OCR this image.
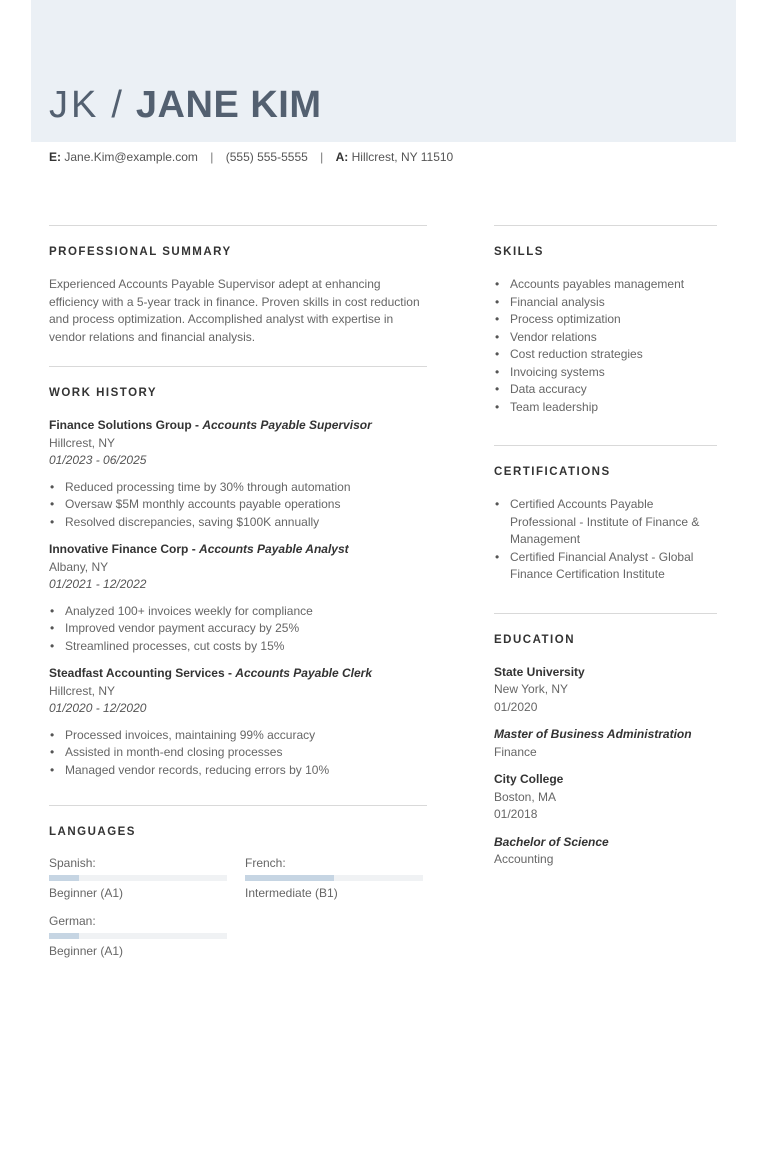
JK / JANE KIM
E: Jane.Kim@example.com | (555) 555-5555 | A: Hillcrest, NY 11510
PROFESSIONAL SUMMARY

Experienced Accounts Payable Supervisor adept at enhancing efficiency with a 5-year track in finance. Proven skills in cost reduction and process optimization. Accomplished analyst with expertise in vendor relations and financial analysis.

WORK HISTORY
Finance Solutions Group - Accounts Payable Supervisor
Hillcrest, NY
01/2023 - 06/2025
• Reduced processing time by 30% through automation
• Oversaw $5M monthly accounts payable operations
• Resolved discrepancies, saving $100K annually
Innovative Finance Corp - Accounts Payable Analyst
Albany, NY
01/2021 - 12/2022
• Analyzed 100+ invoices weekly for compliance
• Improved vendor payment accuracy by 25%
• Streamlined processes, cut costs by 15%
Steadfast Accounting Services - Accounts Payable Clerk
Hillcrest, NY
01/2020 - 12/2020
• Processed invoices, maintaining 99% accuracy
• Assisted in month-end closing processes
• Managed vendor records, reducing errors by 10%
LANGUAGES
Spanish:
Beginner (A1)
French:
Intermediate (B1)
German:
Beginner (A1)
SKILLS
• Accounts payables management
• Financial analysis
• Process optimization
• Vendor relations
• Cost reduction strategies
• Invoicing systems
• Data accuracy
• Team leadership
CERTIFICATIONS
• Certified Accounts Payable Professional - Institute of Finance & Management
• Certified Financial Analyst - Global Finance Certification Institute
EDUCATION
State University
New York, NY
01/2020
Master of Business Administration
Finance
City College
Boston, MA
01/2018
Bachelor of Science
Accounting
